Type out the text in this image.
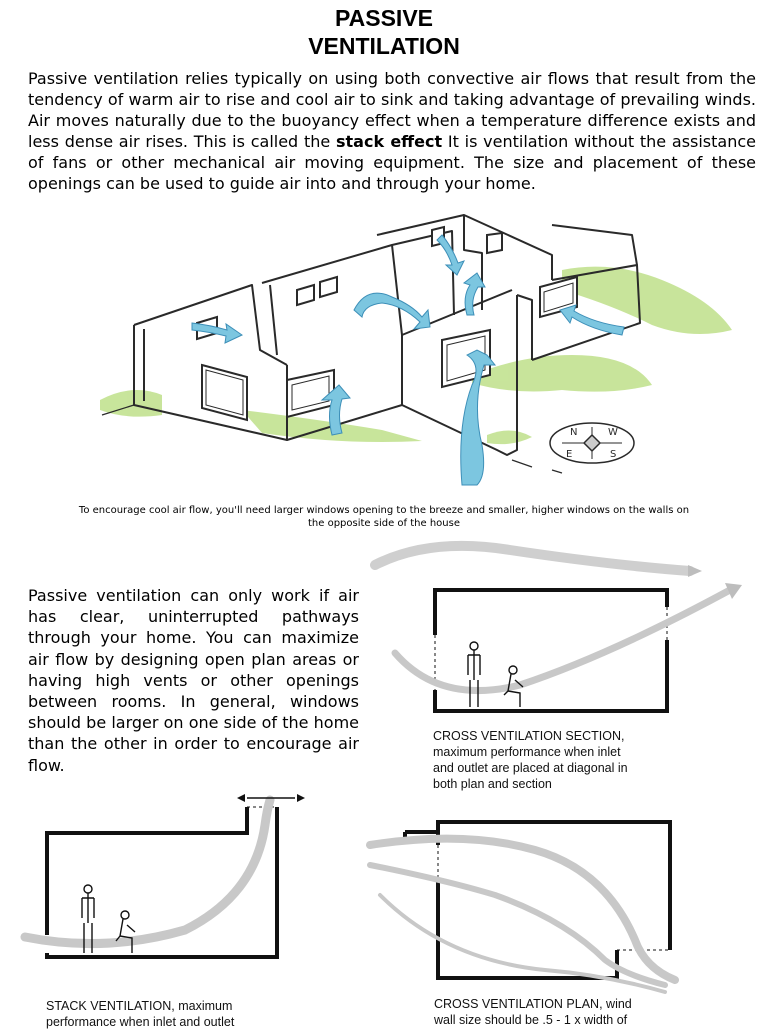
PASSIVE
VENTILATION

Passive ventilation relies typically on using both convective air flows that result from the tendency of warm air to rise and cool air to sink and taking advantage of prevailing winds. Air moves naturally due to the buoyancy effect when a temperature difference exists and less dense air rises. This is called the stack effect It is ventilation without the assistance of fans or other mechanical air moving equipment. The size and placement of these openings can be used to guide air into and through your home.

N	W
E	S
To encourage cool air flow, you'll need larger windows opening to the breeze and smaller, higher windows on the walls on the opposite side of the house

Passive ventilation can only work if air has clear, uninterrupted pathways through your home. You can maximize air flow by designing open plan areas or having high vents or other openings between rooms. In general, windows should be larger on one side of the home than the other in order to encourage air flow.

CROSS VENTILATION SECTION,
maximum performance when inlet
and outlet are placed at diagonal in
both plan and section
STACK VENTILATION, maximum
performance when inlet and outlet
CROSS VENTILATION PLAN, wind
wall size should be .5 - 1 x width of
